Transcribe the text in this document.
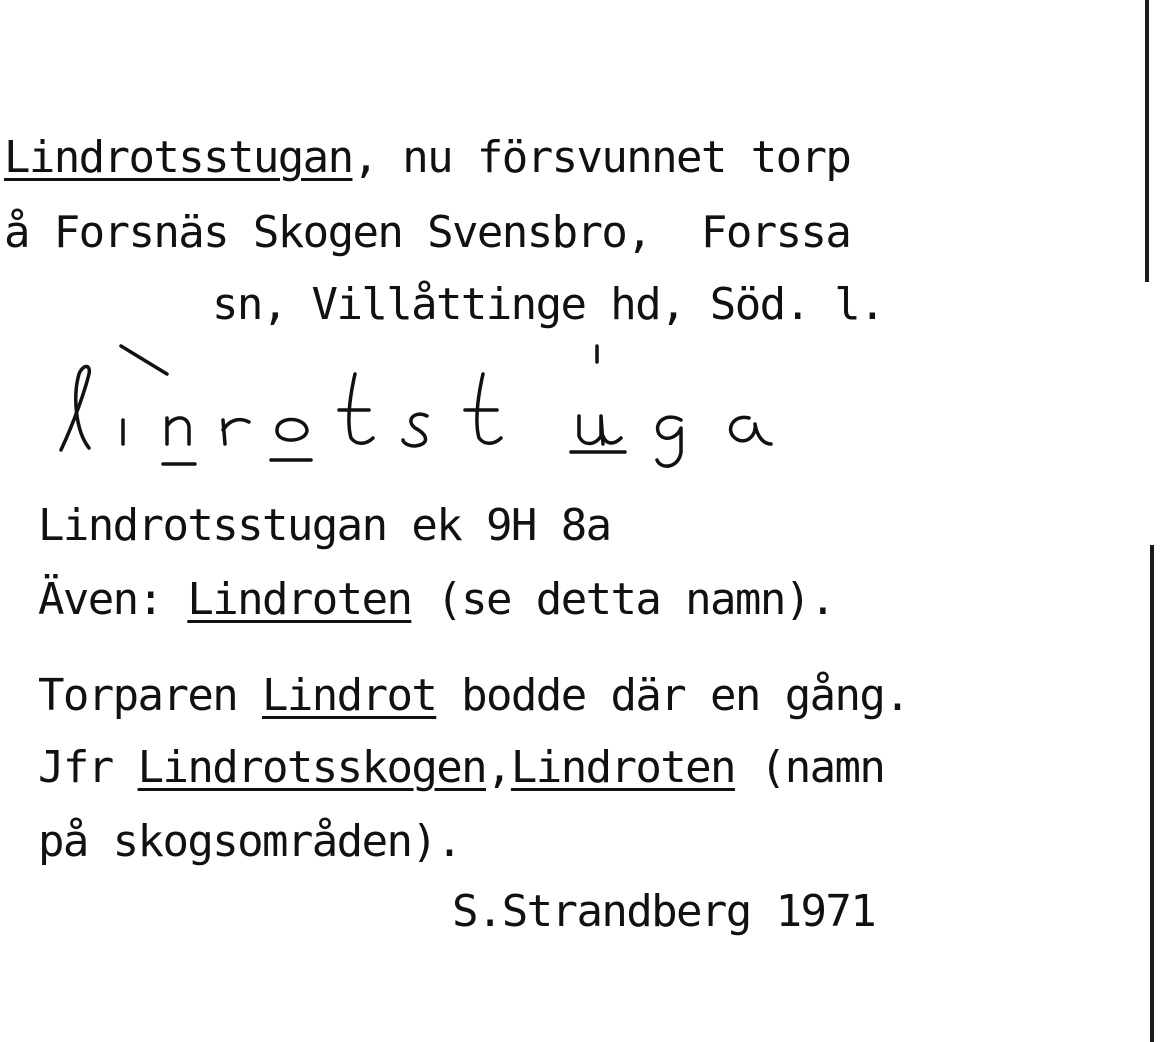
Lindrotsstugan, nu försvunnet torp
å Forsnäs Skogen Svensbro,  Forssa
sn, Villåttinge hd, Söd. l.
Lindrotsstugan ek 9H 8a
Även: Lindroten (se detta namn).
Torparen Lindrot bodde där en gång.
Jfr Lindrotsskogen,Lindroten (namn
på skogsområden).
S.Strandberg 1971
